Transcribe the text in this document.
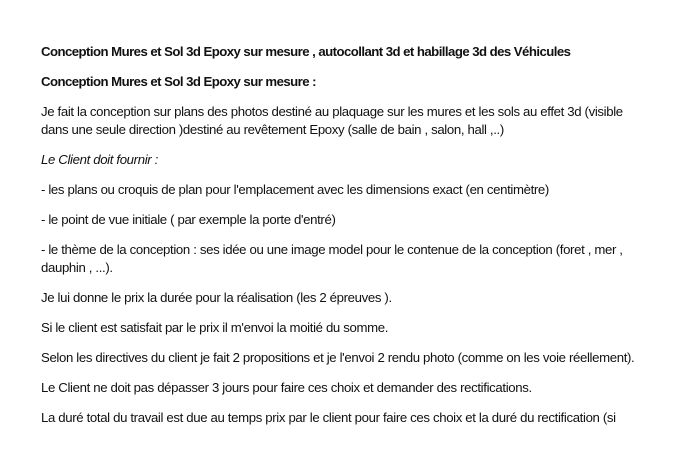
Conception Mures et Sol 3d Epoxy sur mesure , autocollant 3d et habillage 3d des Véhicules

Conception Mures et Sol 3d Epoxy sur mesure :

Je fait la conception sur plans des photos destiné au plaquage sur les mures et les sols au effet 3d (visible dans une seule direction )destiné au revêtement Epoxy (salle de bain , salon, hall ,..)

Le Client doit fournir :

- les plans ou croquis de plan pour l'emplacement avec les dimensions exact (en centimètre)

- le point de vue initiale ( par exemple la porte d'entré)

- le thème de la conception : ses idée ou une image model pour le contenue de la conception (foret , mer , dauphin , ...).

Je lui donne le prix la durée pour la réalisation (les 2 épreuves ).

Si le client est satisfait par le prix il m'envoi la moitié du somme.

Selon les directives du client je fait 2 propositions et je l'envoi 2 rendu photo (comme on les voie réellement).

Le Client ne doit pas dépasser 3 jours pour faire ces choix et demander des rectifications.

La duré total du travail est due au temps prix par le client pour faire ces choix et la duré du rectification (si
